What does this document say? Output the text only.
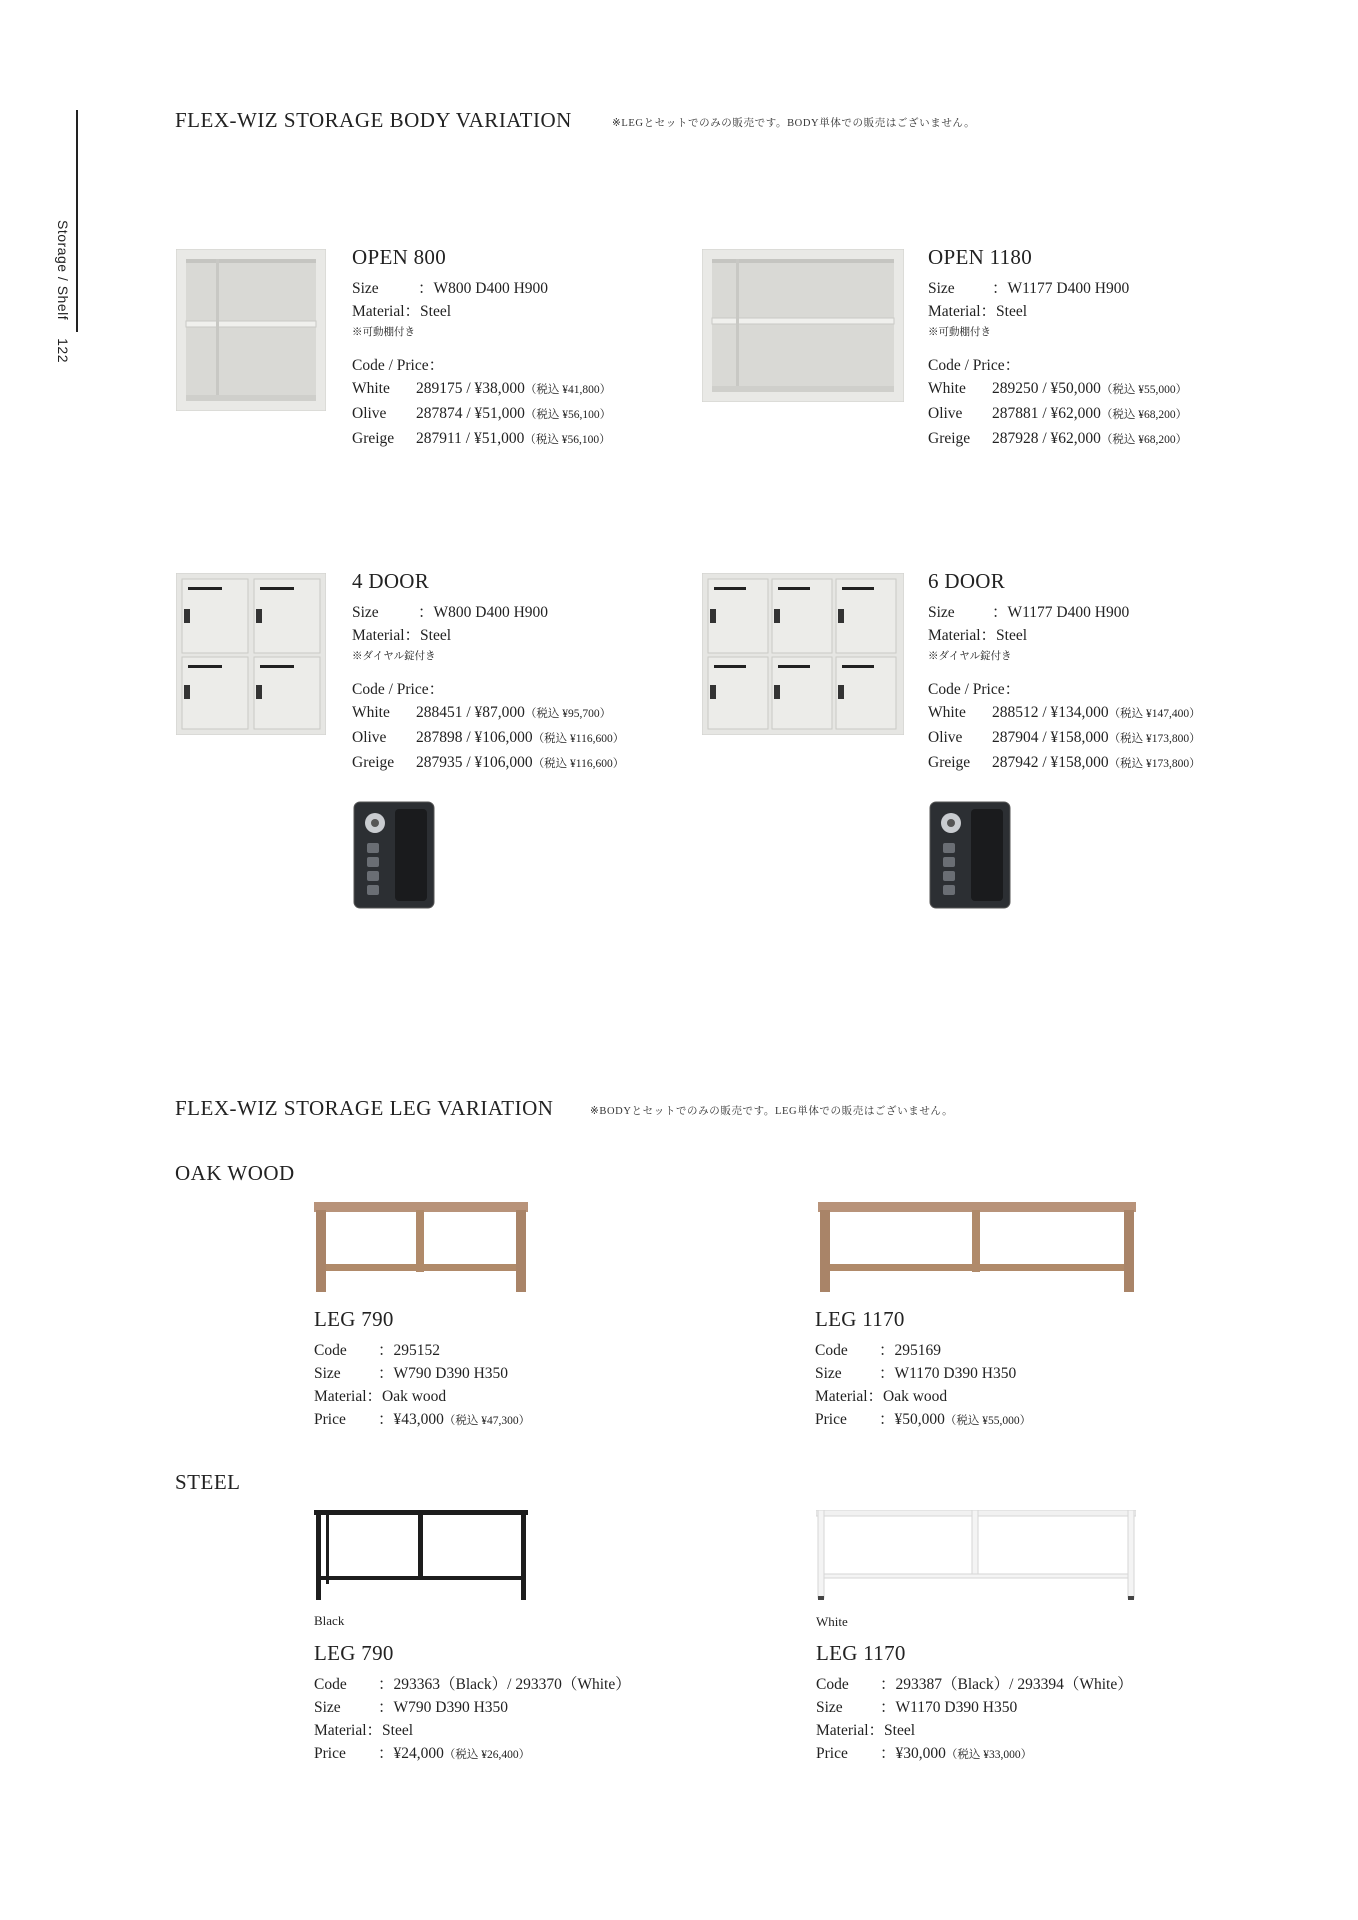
Storage / Shelf122
FLEX-WIZ STORAGE BODY VARIATION	※LEGとセットでのみの販売です。BODY単体での販売はございません。
OPEN 800
Size	：W800 D400 H900
Material：Steel
※可動棚付き
Code / Price：
White 289175 / ¥38,000（税込 ¥41,800）
Olive 287874 / ¥51,000（税込 ¥56,100）
Greige 287911 / ¥51,000（税込 ¥56,100）
OPEN 1180
Size ：W1177 D400 H900
Material：Steel
※可動棚付き
Code / Price：
White 289250 / ¥50,000（税込 ¥55,000）
Olive 287881 / ¥62,000（税込 ¥68,200）
Greige 287928 / ¥62,000（税込 ¥68,200）
4 DOOR
Size	：W800 D400 H900
Material：Steel
※ダイヤル錠付き
Code / Price：
White 288451 / ¥87,000（税込 ¥95,700）
Olive 287898 / ¥106,000（税込 ¥116,600）
Greige 287935 / ¥106,000（税込 ¥116,600）
6 DOOR
Size ：W1177 D400 H900
Material：Steel
※ダイヤル錠付き
Code / Price：
White 288512 / ¥134,000（税込 ¥147,400）
Olive 287904 / ¥158,000（税込 ¥173,800）
Greige 287942 / ¥158,000（税込 ¥173,800）
FLEX-WIZ STORAGE LEG VARIATION	※BODYとセットでのみの販売です。LEG単体での販売はございません。
OAK WOOD
LEG 790
Code ：295152
Size ：W790 D390 H350
Material：Oak wood
Price ：¥43,000（税込 ¥47,300）
LEG 1170
Code ：295169
Size ：W1170 D390 H350
Material：Oak wood
Price ：¥50,000（税込 ¥55,000）
STEEL
Black
LEG 790
Code ：293363（Black）/ 293370（White）
Size ：W790 D390 H350
Material：Steel
Price ：¥24,000（税込 ¥26,400）
White
LEG 1170
Code ：293387（Black）/ 293394（White）
Size ：W1170 D390 H350
Material：Steel
Price ：¥30,000（税込 ¥33,000）
